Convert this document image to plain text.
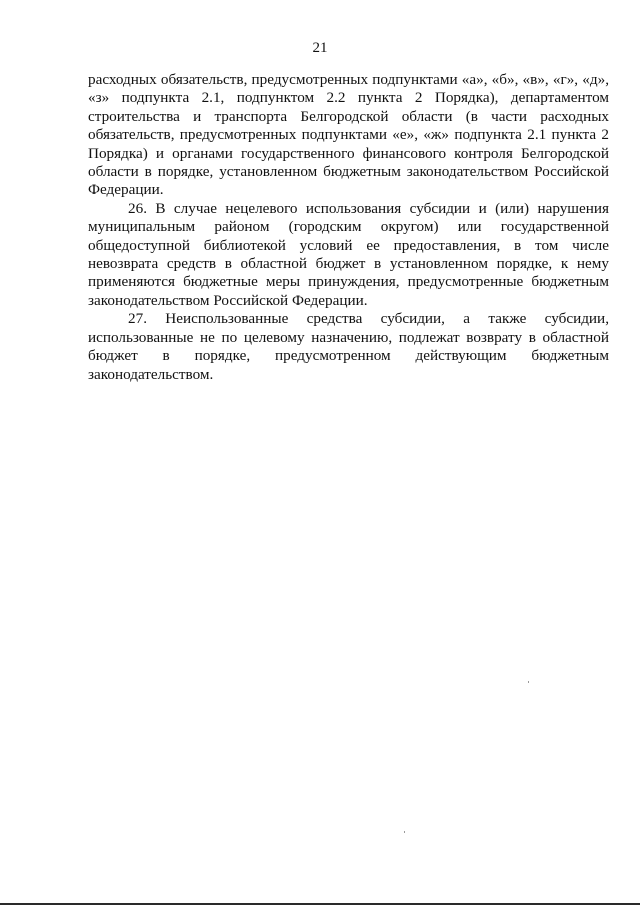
21

расходных обязательств, предусмотренных подпунктами «а», «б», «в», «г», «д», «з» подпункта 2.1, подпунктом 2.2 пункта 2 Порядка), департаментом строительства и транспорта Белгородской области (в части расходных обязательств, предусмотренных подпунктами «е», «ж» подпункта 2.1 пункта 2 Порядка) и органами государственного финансового контроля Белгородской области в порядке, установленном бюджетным законодательством Российской Федерации.

26. В случае нецелевого использования субсидии и (или) нарушения муниципальным районом (городским округом) или государственной общедоступной библиотекой условий ее предоставления, в том числе невозврата средств в областной бюджет в установленном порядке, к нему применяются бюджетные меры принуждения, предусмотренные бюджетным законодательством Российской Федерации.

27. Неиспользованные средства субсидии, а также субсидии, использованные не по целевому назначению, подлежат возврату в областной бюджет в порядке, предусмотренном действующим бюджетным законодательством.
